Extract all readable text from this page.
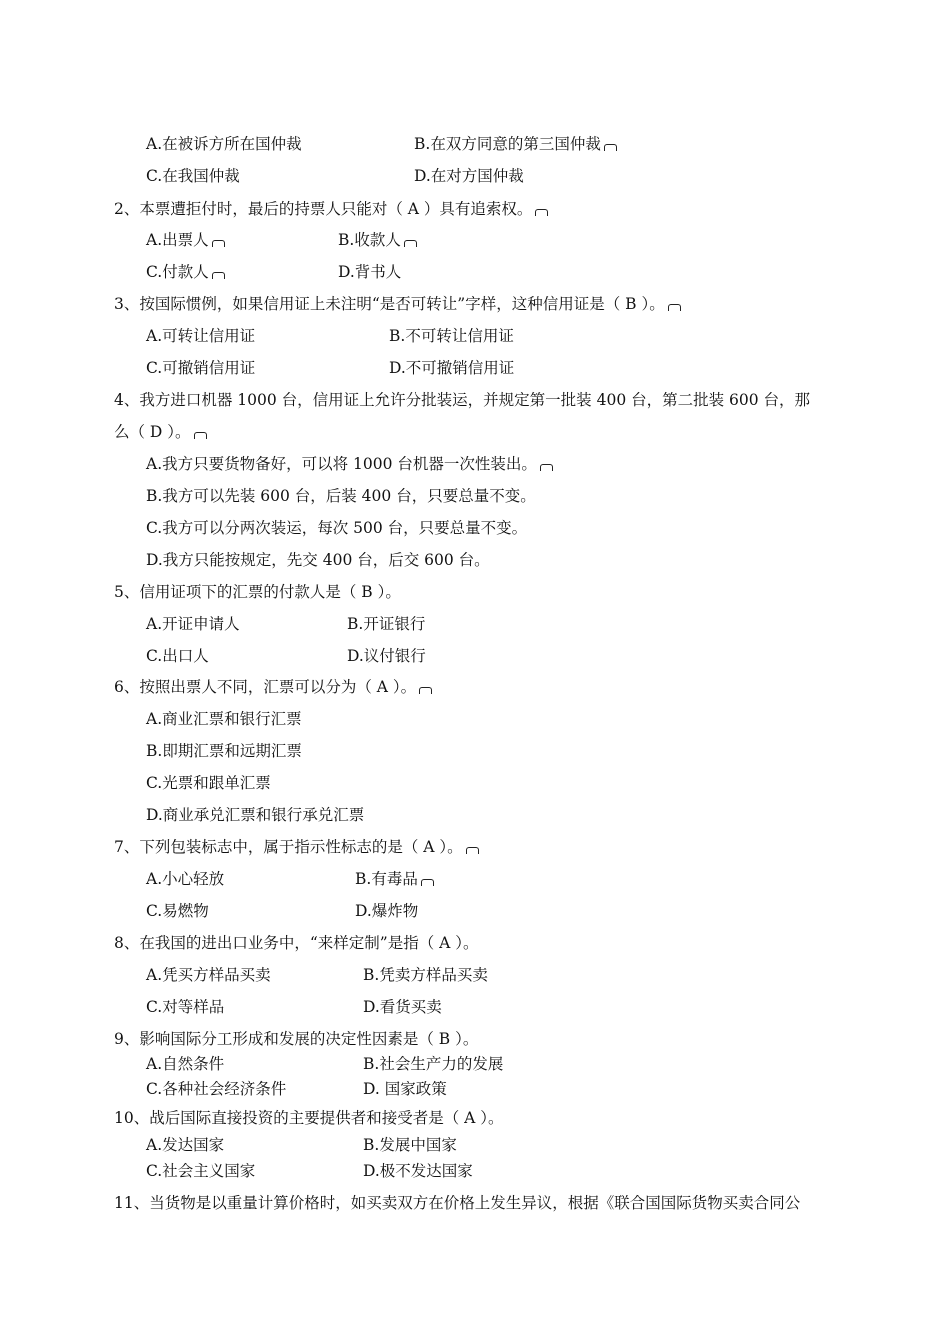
A.在被诉方所在国仲裁	B.在双方同意的第三国仲裁
C.在我国仲裁	D.在对方国仲裁
2、本票遭拒付时，最后的持票人只能对（ A ）具有追索权。
A.出票人	B.收款人
C.付款人	D.背书人
3、按国际惯例，如果信用证上未注明“是否可转让”字样，这种信用证是（ B ）。
A.可转让信用证	B.不可转让信用证
C.可撤销信用证	D.不可撤销信用证
4、我方进口机器 1000 台，信用证上允许分批装运，并规定第一批装 400 台，第二批装 600 台，那
么（ D ）。
A.我方只要货物备好，可以将 1000 台机器一次性装出。
B.我方可以先装 600 台，后装 400 台，只要总量不变。
C.我方可以分两次装运，每次 500 台，只要总量不变。
D.我方只能按规定，先交 400 台，后交 600 台。
5、信用证项下的汇票的付款人是（ B ）。
A.开证申请人	B.开证银行
C.出口人	D.议付银行
6、按照出票人不同，汇票可以分为（ A ）。
A.商业汇票和银行汇票
B.即期汇票和远期汇票
C.光票和跟单汇票
D.商业承兑汇票和银行承兑汇票
7、下列包装标志中，属于指示性标志的是（ A ）。
A.小心轻放	B.有毒品
C.易燃物	D.爆炸物
8、在我国的进出口业务中，“来样定制”是指（ A ）。
A.凭买方样品买卖	B.凭卖方样品买卖
C.对等样品	D.看货买卖
9、影响国际分工形成和发展的决定性因素是（ B ）。
A.自然条件	B.社会生产力的发展
C.各种社会经济条件	D. 国家政策
10、战后国际直接投资的主要提供者和接受者是（ A ）。
A.发达国家	B.发展中国家
C.社会主义国家	D.极不发达国家
11、当货物是以重量计算价格时，如买卖双方在价格上发生异议，根据《联合国国际货物买卖合同公
